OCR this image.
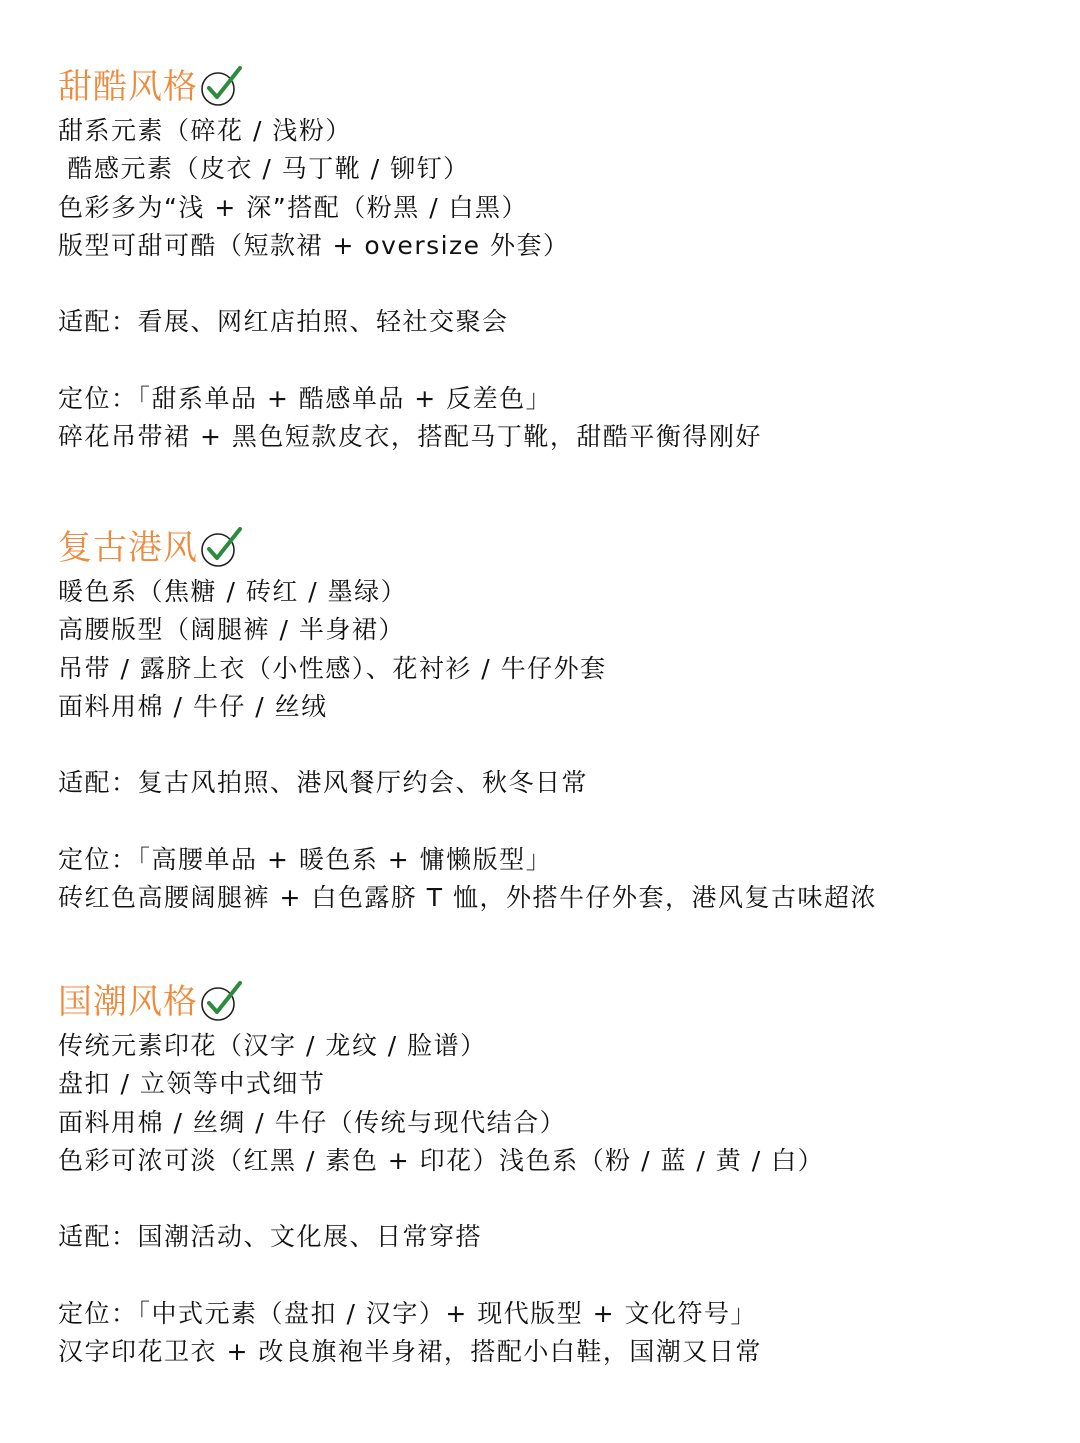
甜酷风格
甜系元素（碎花 / 浅粉）
酷感元素（皮衣 / 马丁靴 / 铆钉）
色彩多为“浅 + 深”搭配（粉黑 / 白黑）
版型可甜可酷（短款裙 + oversize 外套）
适配：看展、网红店拍照、轻社交聚会
定位：「甜系单品 + 酷感单品 + 反差色」
碎花吊带裙 + 黑色短款皮衣，搭配马丁靴，甜酷平衡得刚好
复古港风
暖色系（焦糖 / 砖红 / 墨绿）
高腰版型（阔腿裤 / 半身裙）
吊带 / 露脐上衣（小性感）、花衬衫 / 牛仔外套
面料用棉 / 牛仔 / 丝绒
适配：复古风拍照、港风餐厅约会、秋冬日常
定位：「高腰单品 + 暖色系 + 慵懒版型」
砖红色高腰阔腿裤 + 白色露脐 T 恤，外搭牛仔外套，港风复古味超浓
国潮风格
传统元素印花（汉字 / 龙纹 / 脸谱）
盘扣 / 立领等中式细节
面料用棉 / 丝绸 / 牛仔（传统与现代结合）
色彩可浓可淡（红黑 / 素色 + 印花）浅色系（粉 / 蓝 / 黄 / 白）
适配：国潮活动、文化展、日常穿搭
定位：「中式元素（盘扣 / 汉字）+ 现代版型 + 文化符号」
汉字印花卫衣 + 改良旗袍半身裙，搭配小白鞋，国潮又日常
